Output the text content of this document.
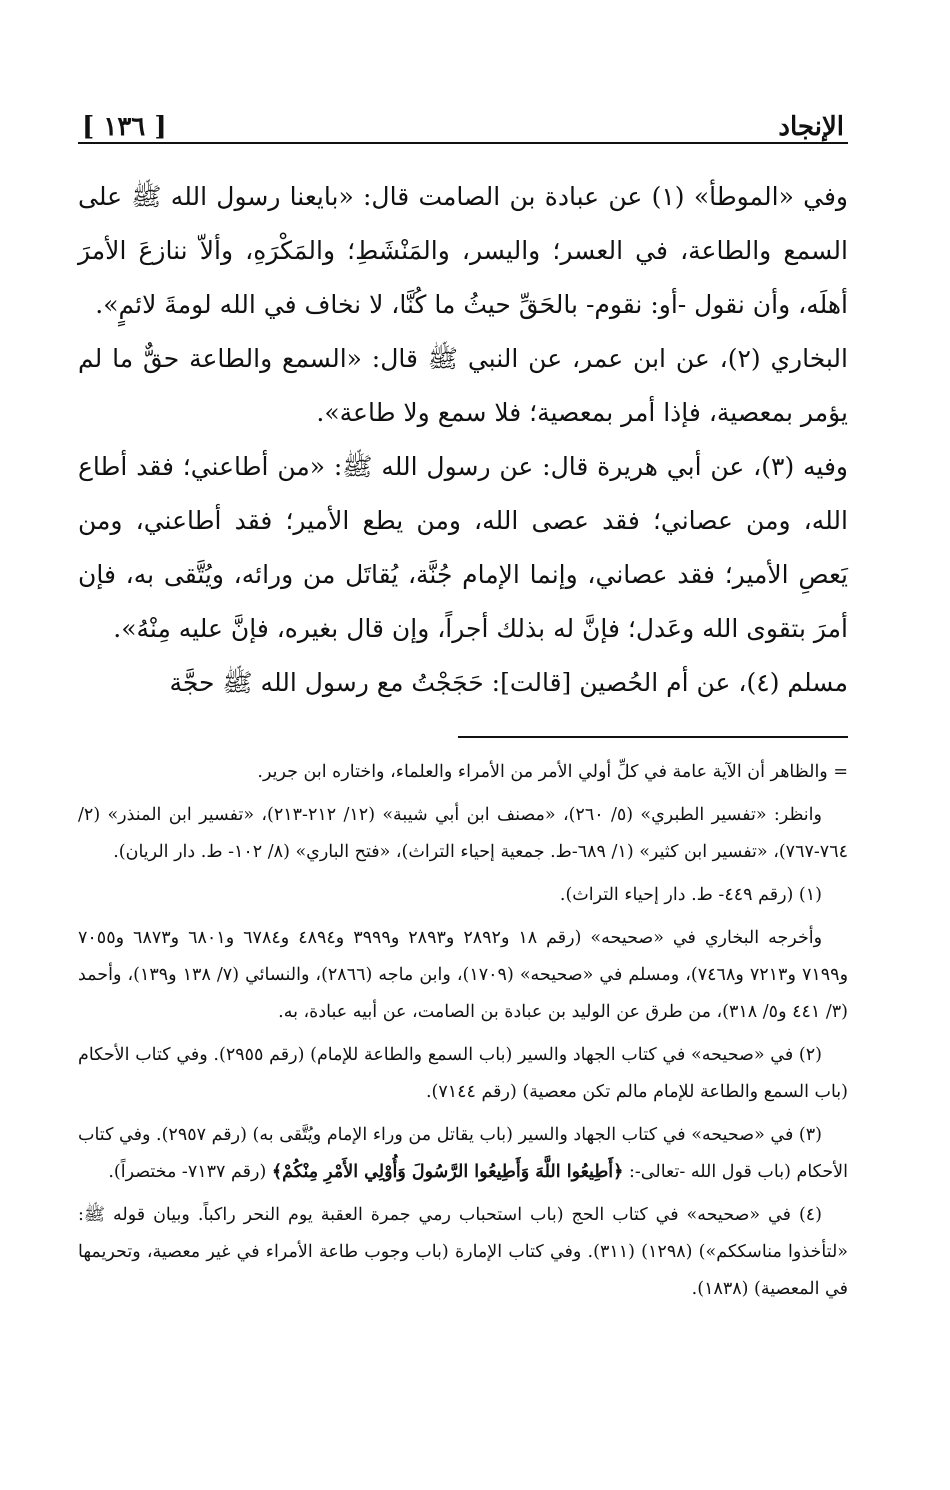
الإنجاد
[ ١٣٦ ]

وفي «الموطأ» (١) عن عبادة بن الصامت قال: «بايعنا رسول الله ﷺ على السمع والطاعة، في العسر؛ واليسر، والمَنْشَطِ؛ والمَكْرَهِ، وألاّ ننازعَ الأمرَ أهلَه، وأن نقول -أو: نقوم- بالحَقِّ حيثُ ما كُنَّا، لا نخاف في الله لومةَ لائمٍ».

البخاري (٢)، عن ابن عمر، عن النبي ﷺ قال: «السمع والطاعة حقٌّ ما لم يؤمر بمعصية، فإذا أمر بمعصية؛ فلا سمع ولا طاعة».

وفيه (٣)، عن أبي هريرة قال: عن رسول الله ﷺ: «من أطاعني؛ فقد أطاع الله، ومن عصاني؛ فقد عصى الله، ومن يطع الأمير؛ فقد أطاعني، ومن يَعصِ الأمير؛ فقد عصاني، وإنما الإمام جُنَّة، يُقاتَل من ورائه، ويُتَّقى به، فإن أمرَ بتقوى الله وعَدل؛ فإنَّ له بذلك أجراً، وإن قال بغيره، فإنَّ عليه مِنْهُ».

مسلم (٤)، عن أم الحُصين [قالت]: حَجَجْتُ مع رسول الله ﷺ حجَّة

= والظاهر أن الآية عامة في كلِّ أولي الأمر من الأمراء والعلماء، واختاره ابن جرير.

وانظر: «تفسير الطبري» (٥/ ٢٦٠)، «مصنف ابن أبي شيبة» (١٢/ ٢١٢-٢١٣)، «تفسير ابن المنذر» (٢/ ٧٦٤-٧٦٧)، «تفسير ابن كثير» (١/ ٦٨٩-ط. جمعية إحياء التراث)، «فتح الباري» (٨/ ١٠٢- ط. دار الريان).

(١) (رقم ٤٤٩- ط. دار إحياء التراث).

وأخرجه البخاري في «صحيحه» (رقم ١٨ و٢٨٩٢ و٢٨٩٣ و٣٩٩٩ و٤٨٩٤ و٦٧٨٤ و٦٨٠١ و٦٨٧٣ و٧٠٥٥ و٧١٩٩ و٧٢١٣ و٧٤٦٨)، ومسلم في «صحيحه» (١٧٠٩)، وابن ماجه (٢٨٦٦)، والنسائي (٧/ ١٣٨ و١٣٩)، وأحمد (٣/ ٤٤١ و٥/ ٣١٨)، من طرق عن الوليد بن عبادة بن الصامت، عن أبيه عبادة، به.

(٢) في «صحيحه» في كتاب الجهاد والسير (باب السمع والطاعة للإمام) (رقم ٢٩٥٥). وفي كتاب الأحكام (باب السمع والطاعة للإمام مالم تكن معصية) (رقم ٧١٤٤).

(٣) في «صحيحه» في كتاب الجهاد والسير (باب يقاتل من وراء الإمام ويُتَّقى به) (رقم ٢٩٥٧). وفي كتاب الأحكام (باب قول الله -تعالى-: ﴿أَطِيعُوا اللَّهَ وَأَطِيعُوا الرَّسُولَ وَأُوْلِي الأَمْرِ مِنْكُمْ﴾ (رقم ٧١٣٧- مختصراً).

(٤) في «صحيحه» في كتاب الحج (باب استحباب رمي جمرة العقبة يوم النحر راكباً. وبيان قوله ﷺ: «لتأخذوا مناسككم») (١٢٩٨) (٣١١). وفي كتاب الإمارة (باب وجوب طاعة الأمراء في غير معصية، وتحريمها في المعصية) (١٨٣٨).
